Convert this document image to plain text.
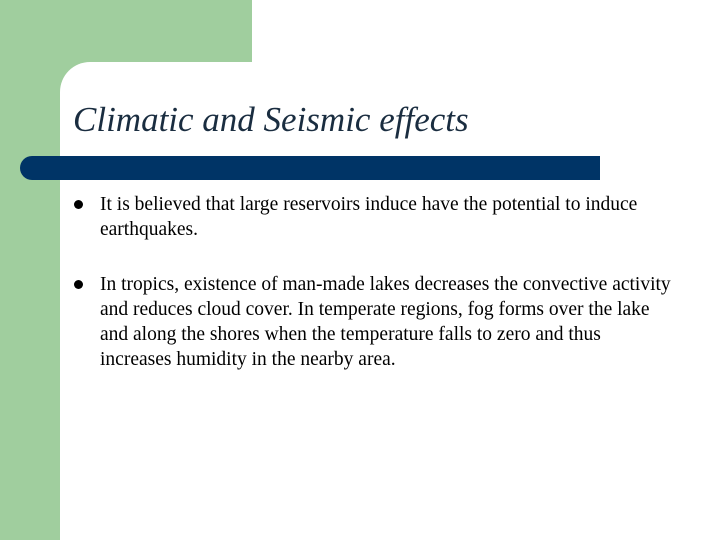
Climatic and Seismic effects
It is believed that large reservoirs induce have the potential to induce earthquakes.
In tropics, existence of man-made lakes decreases the convective activity and reduces cloud cover. In temperate regions, fog forms over the lake and along the shores when the temperature falls to zero and thus increases humidity in the nearby area.
